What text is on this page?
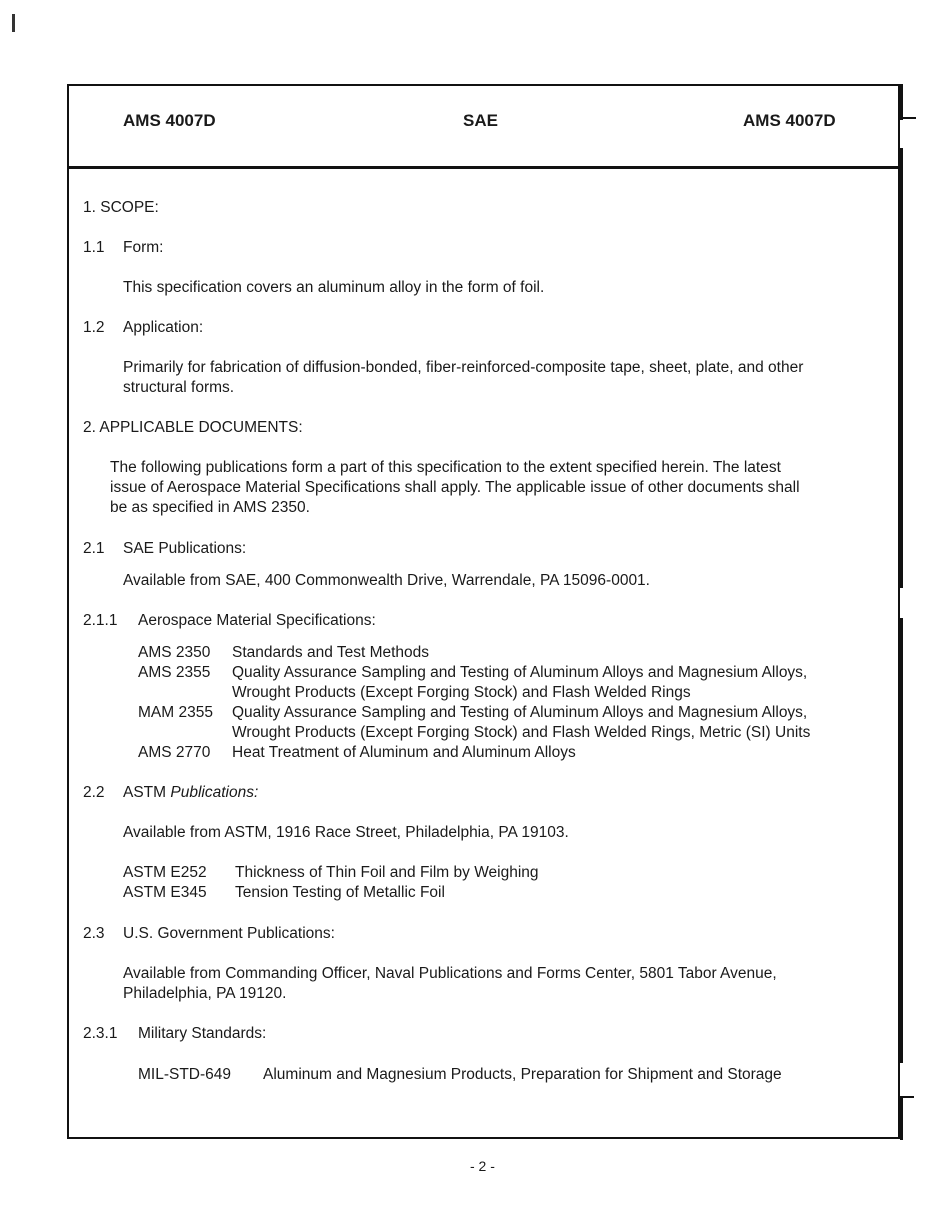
AMS 4007D	SAE	AMS 4007D
1. SCOPE:
1.1 Form:
This specification covers an aluminum alloy in the form of foil.
1.2 Application:
Primarily for fabrication of diffusion-bonded, fiber-reinforced-composite tape, sheet, plate, and other
structural forms.
2. APPLICABLE DOCUMENTS:
The following publications form a part of this specification to the extent specified herein. The latest
issue of Aerospace Material Specifications shall apply. The applicable issue of other documents shall
be as specified in AMS 2350.
2.1 SAE Publications:
Available from SAE, 400 Commonwealth Drive, Warrendale, PA 15096-0001.
2.1.1 Aerospace Material Specifications:
AMS 2350 Standards and Test Methods
AMS 2355 Quality Assurance Sampling and Testing of Aluminum Alloys and Magnesium Alloys,
Wrought Products (Except Forging Stock) and Flash Welded Rings
MAM 2355 Quality Assurance Sampling and Testing of Aluminum Alloys and Magnesium Alloys,
Wrought Products (Except Forging Stock) and Flash Welded Rings, Metric (SI) Units
AMS 2770 Heat Treatment of Aluminum and Aluminum Alloys
2.2 ASTM Publications:
Available from ASTM, 1916 Race Street, Philadelphia, PA 19103.
ASTM E252 Thickness of Thin Foil and Film by Weighing
ASTM E345 Tension Testing of Metallic Foil
2.3 U.S. Government Publications:
Available from Commanding Officer, Naval Publications and Forms Center, 5801 Tabor Avenue,
Philadelphia, PA 19120.
2.3.1 Military Standards:
MIL-STD-649 Aluminum and Magnesium Products, Preparation for Shipment and Storage
- 2 -
